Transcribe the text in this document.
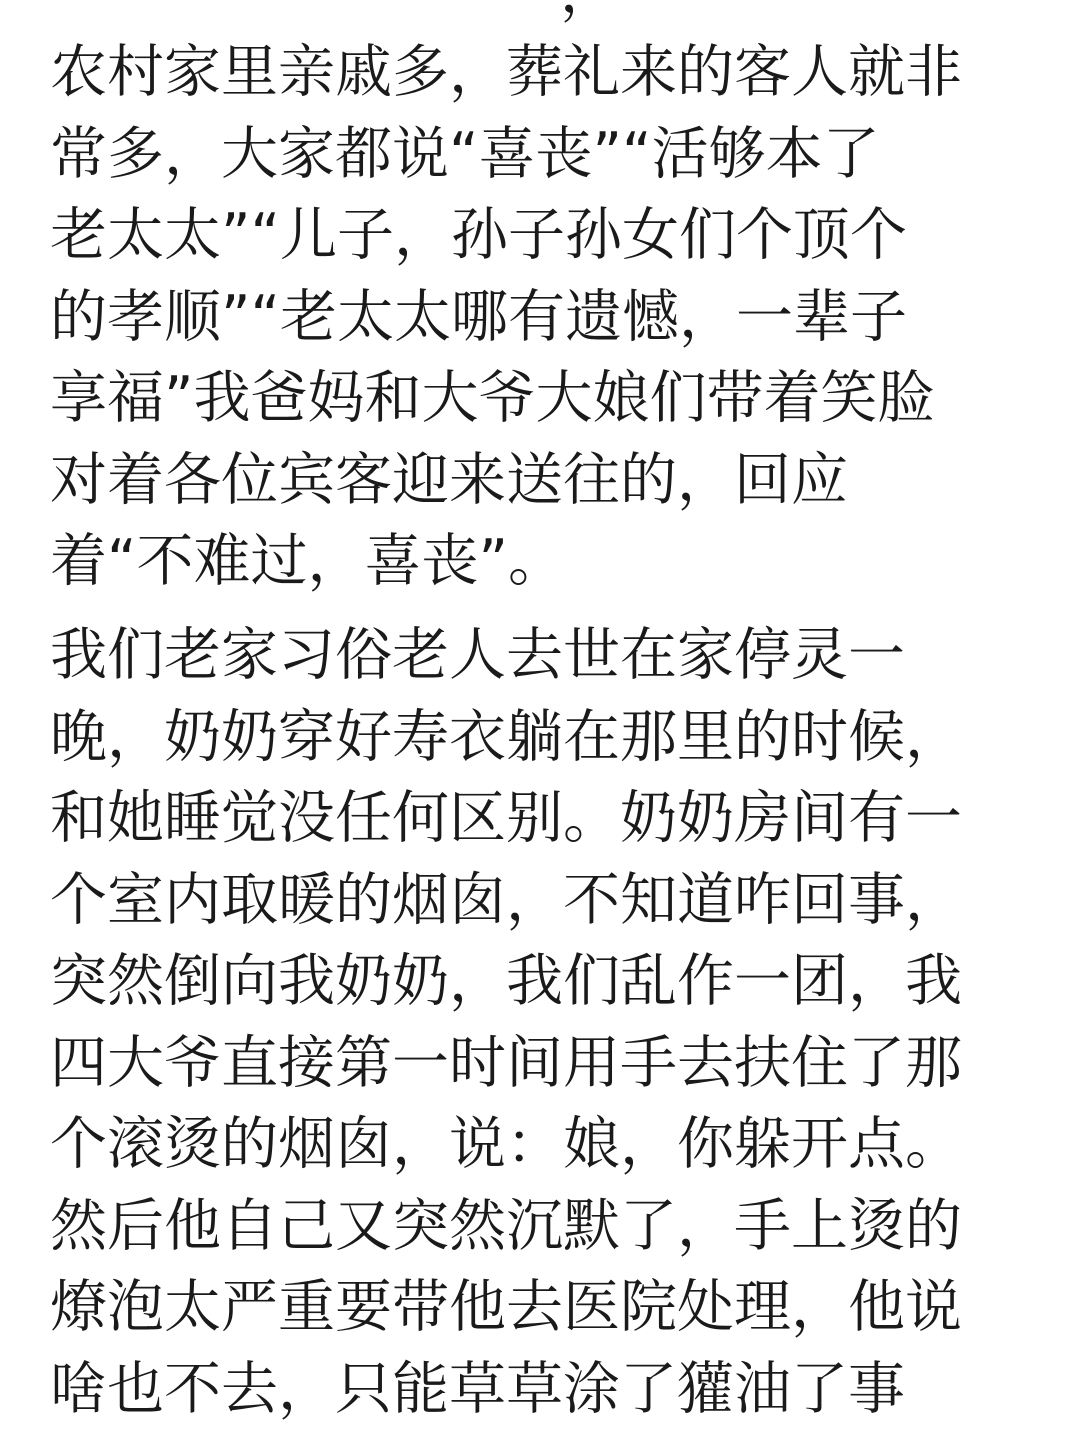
农村家里亲戚多，葬礼来的客人就非
常多，大家都说“喜丧”“活够本了
老太太”“儿子，孙子孙女们个顶个
的孝顺”“老太太哪有遗憾，一辈子
享福”我爸妈和大爷大娘们带着笑脸
对着各位宾客迎来送往的，回应
着“不难过，喜丧”。

我们老家习俗老人去世在家停灵一
晚，奶奶穿好寿衣躺在那里的时候，
和她睡觉没任何区别。奶奶房间有一
个室内取暖的烟囱，不知道咋回事，
突然倒向我奶奶，我们乱作一团，我
四大爷直接第一时间用手去扶住了那
个滚烫的烟囱，说：娘，你躲开点。
然后他自己又突然沉默了，手上烫的
燎泡太严重要带他去医院处理，他说
啥也不去，只能草草涂了獾油了事
